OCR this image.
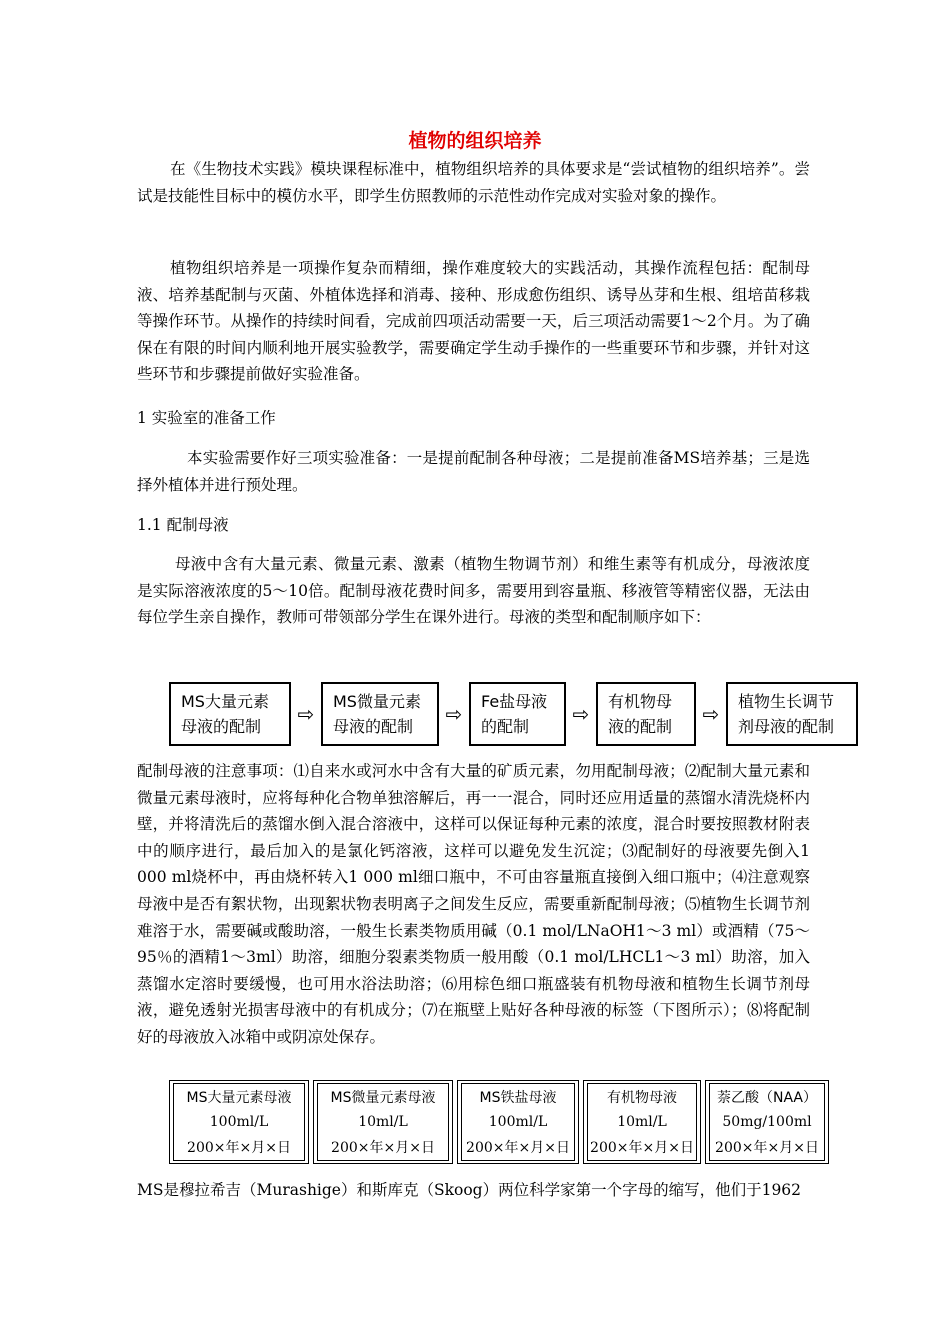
植物的组织培养

在《生物技术实践》模块课程标准中，植物组织培养的具体要求是“尝试植物的组织培养”。尝试是技能性目标中的模仿水平，即学生仿照教师的示范性动作完成对实验对象的操作。

植物组织培养是一项操作复杂而精细，操作难度较大的实践活动，其操作流程包括：配制母液、培养基配制与灭菌、外植体选择和消毒、接种、形成愈伤组织、诱导丛芽和生根、组培苗移栽等操作环节。从操作的持续时间看，完成前四项活动需要一天，后三项活动需要1～2个月。为了确保在有限的时间内顺利地开展实验教学，需要确定学生动手操作的一些重要环节和步骤，并针对这些环节和步骤提前做好实验准备。

1 实验室的准备工作

本实验需要作好三项实验准备：一是提前配制各种母液；二是提前准备MS培养基；三是选择外植体并进行预处理。

1.1 配制母液

母液中含有大量元素、微量元素、激素（植物生物调节剂）和维生素等有机成分，母液浓度是实际溶液浓度的5～10倍。配制母液花费时间多，需要用到容量瓶、移液管等精密仪器，无法由每位学生亲自操作，教师可带领部分学生在课外进行。母液的类型和配制顺序如下：

MS大量元素
母液的配制
⇨
MS微量元素
母液的配制
⇨
Fe盐母液
的配制
⇨
有机物母
液的配制
⇨
植物生长调节
剂母液的配制

配制母液的注意事项：⑴自来水或河水中含有大量的矿质元素，勿用配制母液；⑵配制大量元素和微量元素母液时，应将每种化合物单独溶解后，再一一混合，同时还应用适量的蒸馏水清洗烧杯内壁，并将清洗后的蒸馏水倒入混合溶液中，这样可以保证每种元素的浓度，混合时要按照教材附表中的顺序进行，最后加入的是氯化钙溶液，这样可以避免发生沉淀；⑶配制好的母液要先倒入1 000 ml烧杯中，再由烧杯转入1 000 ml细口瓶中，不可由容量瓶直接倒入细口瓶中；⑷注意观察母液中是否有絮状物，出现絮状物表明离子之间发生反应，需要重新配制母液；⑸植物生长调节剂难溶于水，需要碱或酸助溶，一般生长素类物质用碱（0.1 mol/LNaOH1～3 ml）或酒精（75～95％的酒精1～3ml）助溶，细胞分裂素类物质一般用酸（0.1 mol/LHCL1～3 ml）助溶，加入蒸馏水定溶时要缓慢，也可用水浴法助溶；⑹用棕色细口瓶盛装有机物母液和植物生长调节剂母液，避免透射光损害母液中的有机成分；⑺在瓶壁上贴好各种母液的标签（下图所示）；⑻将配制好的母液放入冰箱中或阴凉处保存。

MS大量元素母液
100ml/L
200×年×月×日
MS微量元素母液
10ml/L
200×年×月×日
MS铁盐母液
100ml/L
200×年×月×日
有机物母液
10ml/L
200×年×月×日
萘乙酸（NAA）
50mg/100ml
200×年×月×日

MS是穆拉希吉（Murashige）和斯库克（Skoog）两位科学家第一个字母的缩写，他们于1962
